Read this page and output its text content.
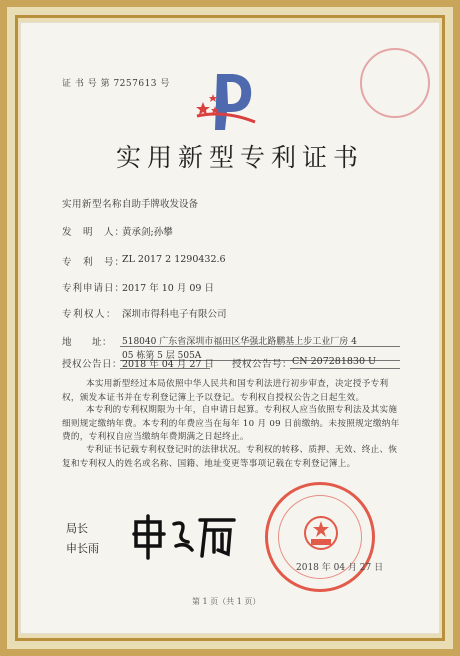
证 书 号 第 7257613 号
实用新型专利证书
实用新型名称：
自助手牌收发设备
发　明　人：
黄承剑;孙攀
专　利　号：
ZL 2017 2 1290432.6
专利申请日：
2017 年 10 月 09 日
专利权人： 深圳市得科电子有限公司
地　　址： 518040 广东省深圳市福田区华强北路鹏基上步工业厂房 4
05 栋第 5 层 505A
授权公告日： 2018 年 04 月 27 日 授权公告号： CN 207281830 U
本实用新型经过本局依照中华人民共和国专利法进行初步审查，决定授予专利权，颁发本证书并在专利登记簿上予以登记。专利权自授权公告之日起生效。
本专利的专利权期限为十年，自申请日起算。专利权人应当依照专利法及其实施细则规定缴纳年费。本专利的年费应当在每年 10 月 09 日前缴纳。未按照规定缴纳年费的，专利权自应当缴纳年费期满之日起终止。
专利证书记载专利权登记时的法律状况。专利权的转移、质押、无效、终止、恢复和专利权人的姓名或名称、国籍、地址变更等事项记载在专利登记簿上。
局长
申长雨
2018 年 04 月 27 日
第 1 页（共 1 页）
